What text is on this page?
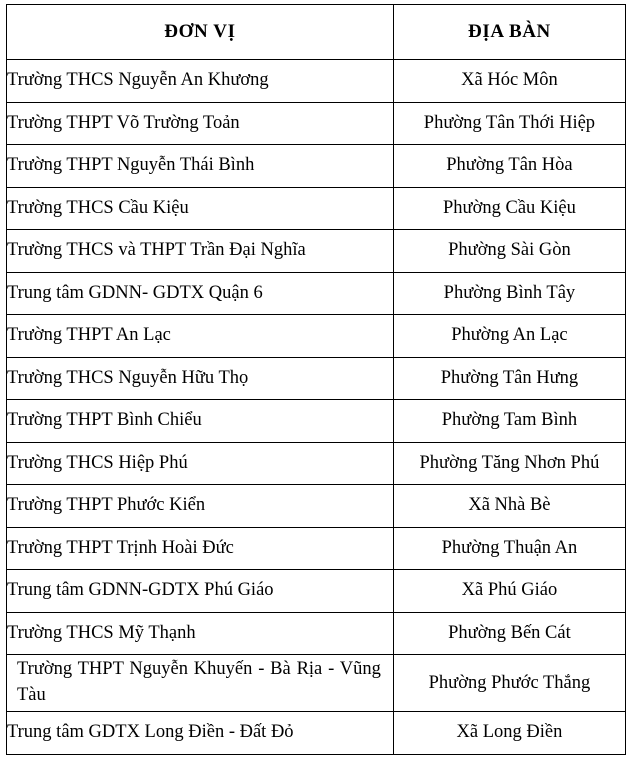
ĐƠN VỊ	ĐỊA BÀN
Trường THCS Nguyễn An Khương	Xã Hóc Môn
Trường THPT Võ Trường Toản	Phường Tân Thới Hiệp
Trường THPT Nguyễn Thái Bình	Phường Tân Hòa
Trường THCS Cầu Kiệu	Phường Cầu Kiệu
Trường THCS và THPT Trần Đại Nghĩa	Phường Sài Gòn
Trung tâm GDNN- GDTX Quận 6	Phường Bình Tây
Trường THPT An Lạc	Phường An Lạc
Trường THCS Nguyễn Hữu Thọ	Phường Tân Hưng
Trường THPT Bình Chiểu	Phường Tam Bình
Trường THCS Hiệp Phú	Phường Tăng Nhơn Phú
Trường THPT Phước Kiển	Xã Nhà Bè
Trường THPT Trịnh Hoài Đức	Phường Thuận An
Trung tâm GDNN-GDTX Phú Giáo	Xã Phú Giáo
Trường THCS Mỹ Thạnh	Phường Bến Cát
Trường THPT Nguyễn Khuyến - Bà Rịa - Vũng Tàu	Phường Phước Thắng
Trung tâm GDTX Long Điền - Đất Đỏ	Xã Long Điền
